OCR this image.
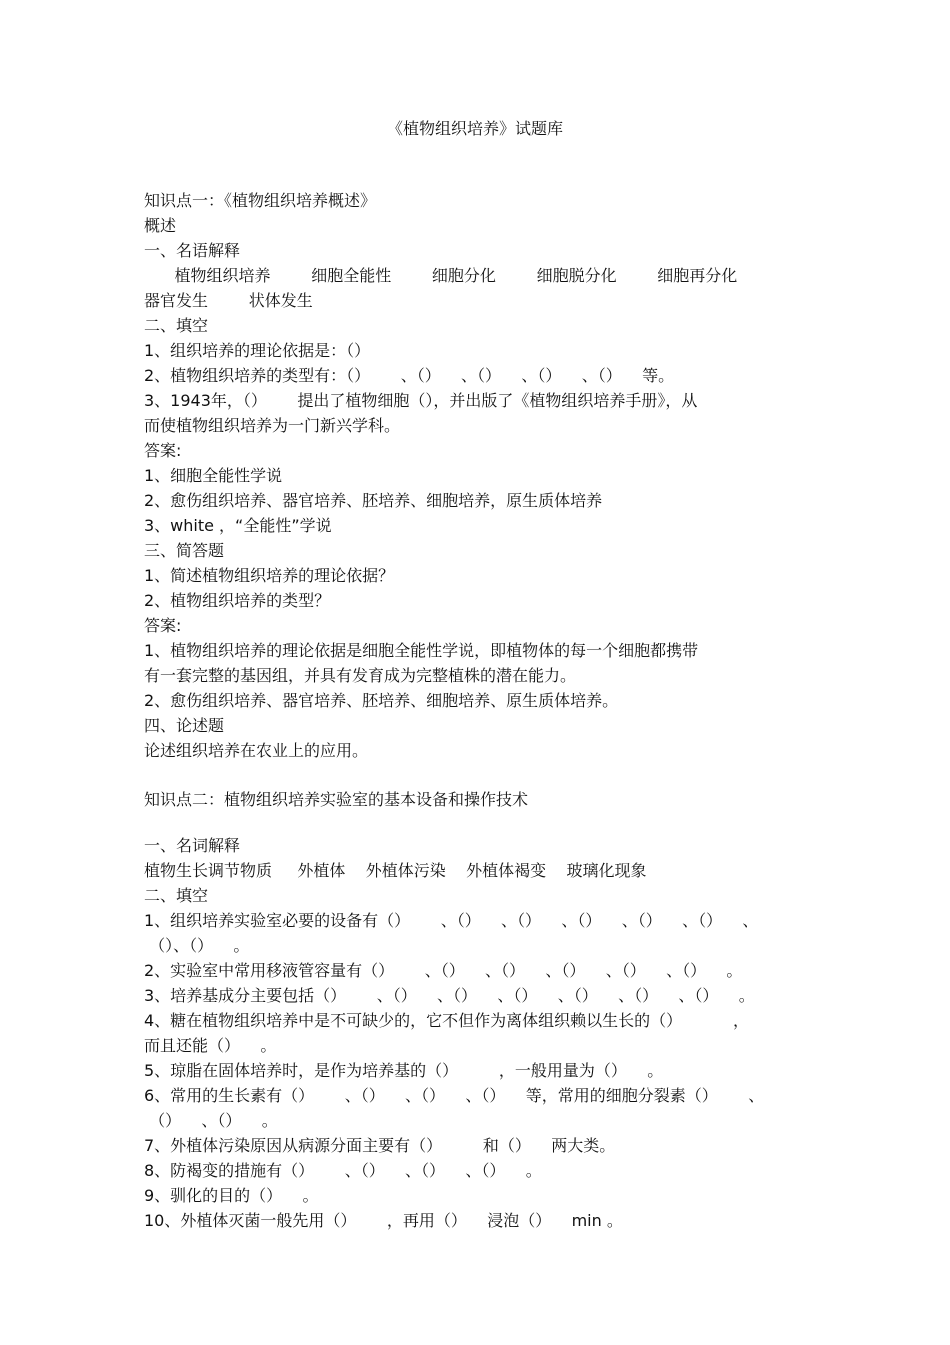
《植物组织培养》试题库
知识点一：《植物组织培养概述》
概述
一、名语解释
植物组织培养        细胞全能性        细胞分化        细胞脱分化        细胞再分化
器官发生        状体发生
二、填空
1、组织培养的理论依据是：（）
2、植物组织培养的类型有：（）      、（）    、（）    、（）    、（）    等。
3、1943年，（）      提出了植物细胞（），并出版了《植物组织培养手册》，从
而使植物组织培养为一门新兴学科。
答案:
1、细胞全能性学说
2、愈伤组织培养、器官培养、胚培养、细胞培养，原生质体培养
3、white ，“全能性”学说
三、简答题
1、简述植物组织培养的理论依据？
2、植物组织培养的类型？
答案:
1、植物组织培养的理论依据是细胞全能性学说，即植物体的每一个细胞都携带
有一套完整的基因组，并具有发育成为完整植株的潜在能力。
2、愈伤组织培养、器官培养、胚培养、细胞培养、原生质体培养。
四、论述题
论述组织培养在农业上的应用。
知识点二：植物组织培养实验室的基本设备和操作技术
一、名词解释
植物生长调节物质     外植体    外植体污染    外植体褐变    玻璃化现象
二、填空
1、组织培养实验室必要的设备有（）      、（）    、（）    、（）    、（）    、（）    、
（）、（）    。
2、实验室中常用移液管容量有（）      、（）    、（）    、（）    、（）    、（）    。
3、培养基成分主要包括（）      、（）    、（）    、（）    、（）    、（）    、（）    。
4、糖在植物组织培养中是不可缺少的，它不但作为离体组织赖以生长的（）          ，
而且还能（）    。
5、琼脂在固体培养时，是作为培养基的（）        ，一般用量为（）    。
6、常用的生长素有（）      、（）    、（）    、（）    等，常用的细胞分裂素（）      、
（）    、（）    。
7、外植体污染原因从病源分面主要有（）        和（）    两大类。
8、防褐变的措施有（）      、（）    、（）    、（）    。
9、驯化的目的（）    。
10、外植体灭菌一般先用（）      ，再用（）    浸泡（）    min 。
